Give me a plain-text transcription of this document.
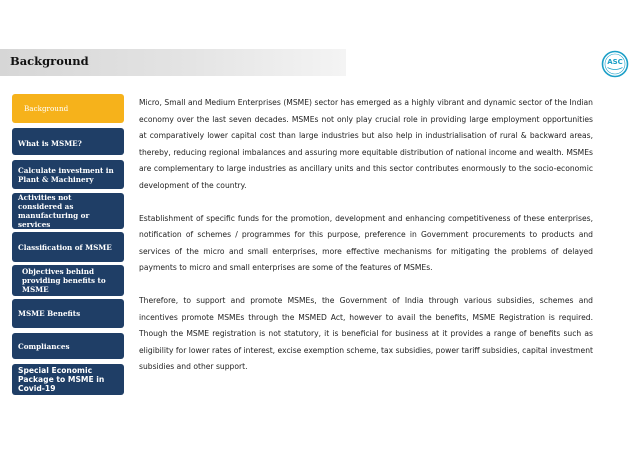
Background	ASC
Background
What is MSME?
Calculate investment in Plant & Machinery
Activities not considered as manufacturing or services
Classification of MSME
Objectives behind providing benefits to MSME
MSME Benefits
Compliances
Special Economic Package to MSME in Covid-19

Micro, Small and Medium Enterprises (MSME) sector has emerged as a highly vibrant and dynamic sector of the Indian economy over the last seven decades. MSMEs not only play crucial role in providing large employment opportunities at comparatively lower capital cost than large industries but also help in industrialisation of rural & backward areas, thereby, reducing regional imbalances and assuring more equitable distribution of national income and wealth. MSMEs are complementary to large industries as ancillary units and this sector contributes enormously to the socio-economic development of the country.

Establishment of specific funds for the promotion, development and enhancing competitiveness of these enterprises, notification of schemes / programmes for this purpose, preference in Government procurements to products and services of the micro and small enterprises, more effective mechanisms for mitigating the problems of delayed payments to micro and small enterprises are some of the features of MSMEs.

Therefore, to support and promote MSMEs, the Government of India through various subsidies, schemes and incentives promote MSMEs through the MSMED Act, however to avail the benefits, MSME Registration is required. Though the MSME registration is not statutory, it is beneficial for business at it provides a range of benefits such as eligibility for lower rates of interest, excise exemption scheme, tax subsidies, power tariff subsidies, capital investment subsidies and other support.
